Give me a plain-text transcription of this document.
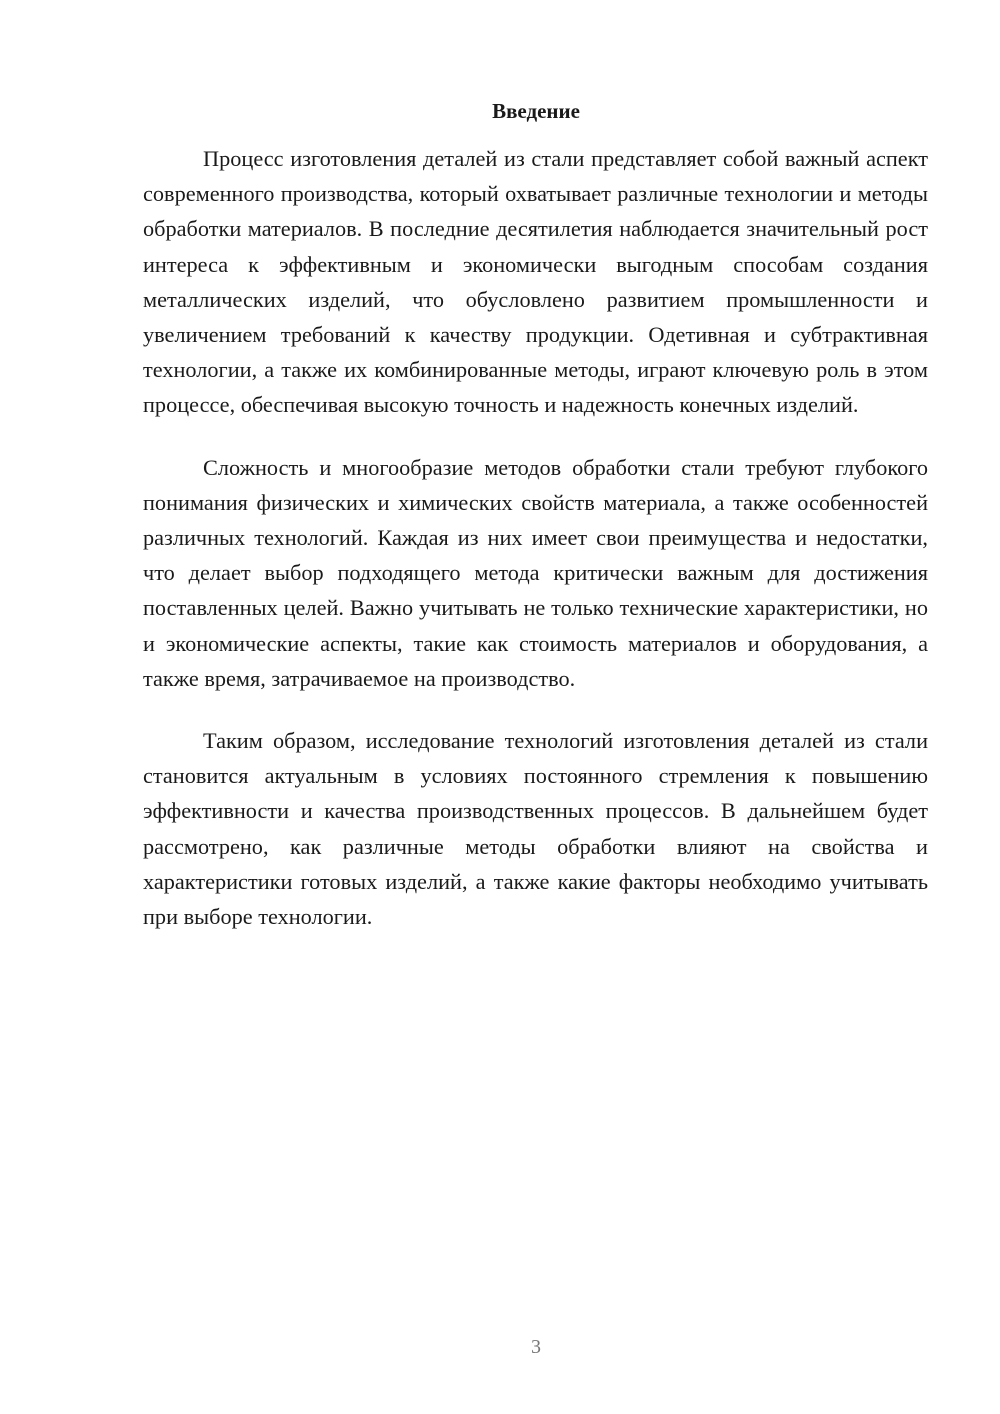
Введение

Процесс изготовления деталей из стали представляет собой важный аспект современного производства, который охватывает различные технологии и методы обработки материалов. В последние десятилетия наблюдается значительный рост интереса к эффективным и экономически выгодным способам создания металлических изделий, что обусловлено развитием промышленности и увеличением требований к качеству продукции. Одетивная и субтрактивная технологии, а также их комбинированные методы, играют ключевую роль в этом процессе, обеспечивая высокую точность и надежность конечных изделий.

Сложность и многообразие методов обработки стали требуют глубокого понимания физических и химических свойств материала, а также особенностей различных технологий. Каждая из них имеет свои преимущества и недостатки, что делает выбор подходящего метода критически важным для достижения поставленных целей. Важно учитывать не только технические характеристики, но и экономические аспекты, такие как стоимость материалов и оборудования, а также время, затрачиваемое на производство.

Таким образом, исследование технологий изготовления деталей из стали становится актуальным в условиях постоянного стремления к повышению эффективности и качества производственных процессов. В дальнейшем будет рассмотрено, как различные методы обработки влияют на свойства и характеристики готовых изделий, а также какие факторы необходимо учитывать при выборе технологии.

3
